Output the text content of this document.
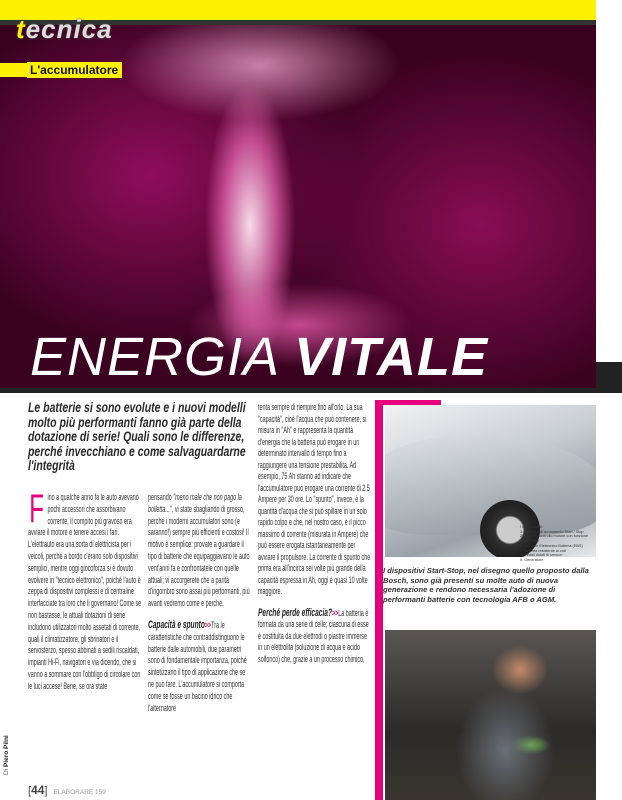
tecnica
L'accumulatore
ENERGIA VITALE
Le batterie si sono evolute e i nuovi modelli molto più performanti fanno già parte della dotazione di serie! Quali sono le differenze, perché invecchiano e come salvaguardarne l'integrità
Fino a qualche anno fa le auto avevano pochi accessori che assorbivano corrente, il compito più gravoso era avviare il motore e tenere accesi i fari. L'elettrauto era una sorta di elettricista per i veicoli, perché a bordo c'erano solo dispositivi semplici, mentre oggi giocoforza si è dovuto evolvere in "tecnico elettronico", poiché l'auto è zeppa di dispositivi complessi e di centraline interfacciate tra loro che li governano! Come se non bastasse, le attuali dotazioni di serie includono utilizzatori molto assetati di corrente, quali il climatizzatore, gli sbrinatori e il servosterzo, spesso abbinati a sedili riscaldati, impianti Hi-Fi, navigatori e via dicendo, che si vanno a sommare con l'obbligo di circolare con le luci accese! Bene, se ora state
pensando "meno male che non pago la bolletta...", vi state sbagliando di grosso, perché i moderni accumulatori sono (e saranno!) sempre più efficienti e costosi! Il motivo è semplice: provate a guardare il tipo di batterie che equipaggiavano le auto vent'anni fa e confrontatele con quelle attuali; vi accorgerete che a parità d'ingombro sono assai più performanti, più avanti vedremo come e perché.
Capacità e spunto>>Tra le caratteristiche che contraddistinguono le batterie dalle automobili, due parametri sono di fondamentale importanza, poiché sintetizzano il tipo di applicazione che se ne può fare. L'accumulatore si comporta come se fosse un bacino idrico che l'alternatore
tenta sempre di riempire fino all'orlo. La sua "capacità", cioè l'acqua che può contenere, si misura in "Ah" e rappresenta la quantità d'energia che la batteria può erogare in un determinato intervallo di tempo fino a raggiungere una tensione prestabilita. Ad esempio, 75 Ah stanno ad indicare che l'accumulatore può erogare una corrente di 2,5 Ampere per 30 ore. Lo "spunto", invece, è la quantità d'acqua che si può spillare in un solo rapido colpo e che, nel nostro caso, è il picco massimo di corrente (misurata in Ampere) che può essere erogata istantaneamente per avviare il propulsore. La corrente di spunto che prima era all'incirca sei volte più grande della capacità espressa in Ah, oggi è quasi 10 volte maggiore.
Perché perde efficacia?>>La batteria è formata da una serie di celle; ciascuna di esse è costituita da due elettrodi o piastre immerse in un elettrolita (soluzione di acqua e acido solforico) che, grazie a un processo chimico,
I componenti:
1. Motorino di avviamento Start / Stop
2. Unità di controllo motore con funzione Start / Stop
3. Sensore Elettronico Batteria (EBS)
4. Batteria resistente ai cicli
5. Pedali dotati di sensori
6. Generatore
I dispositivi Start-Stop, nel disegno quello proposto dalla Bosch, sono già presenti su molte auto di nuova generazione e rendono necessaria l'adozione di performanti batterie con tecnologia AFB o AGM.
Di Piero Pilni
[44] ELABORARE 159
